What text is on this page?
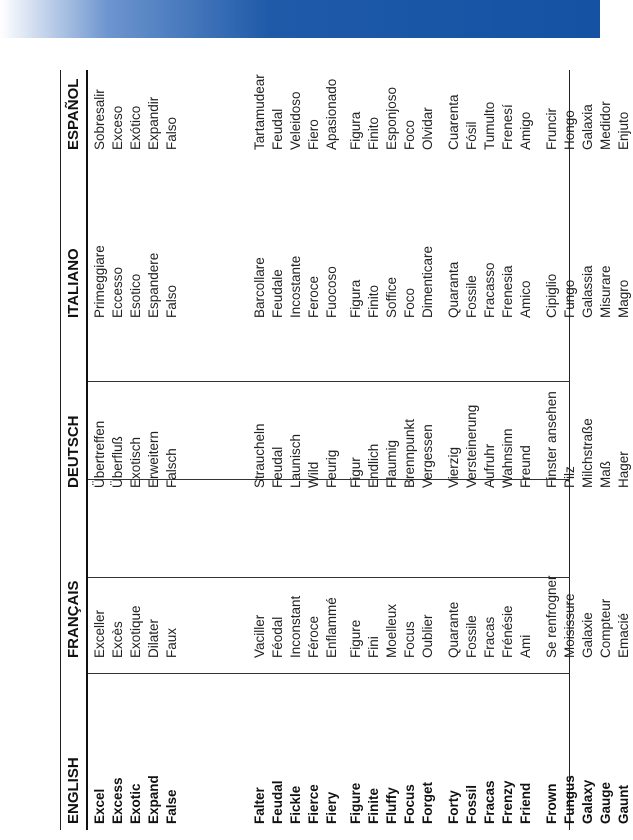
ENGLISH
FRANÇAIS
DEUTSCH
ITALIANO
ESPAÑOL
Excel
Exceller
Übertreffen
Primeggiare
Sobresalir
Excess
Excès
Überfluß
Eccesso
Exceso
Exotic
Exotique
Exotisch
Esotico
Exótico
Expand
Dilater
Erweitern
Espandere
Expandir
False
Faux
Falsch
Falso
Falso
Falter
Vaciller
Straucheln
Barcollare
Tartamudear
Feudal
Féodal
Feudal
Feudale
Feudal
Fickle
Inconstant
Launisch
Incostante
Veleidoso
Fierce
Féroce
Wild
Feroce
Fiero
Fiery
Enflammé
Feurig
Fuocoso
Apasionado
Figure
Figure
Figur
Figura
Figura
Finite
Fini
Endlich
Finito
Finito
Fluffy
Moelleux
Flaumig
Soffice
Esponjoso
Focus
Focus
Brennpunkt
Foco
Foco
Forget
Oublier
Vergessen
Dimenticare
Olvidar
Forty
Quarante
Vierzig
Quaranta
Cuarenta
Fossil
Fossile
Versteinerung
Fossile
Fósil
Fracas
Fracas
Aufruhr
Fracasso
Tumulto
Frenzy
Frénésie
Wahnsinn
Frenesia
Frenesí
Friend
Ami
Freund
Amico
Amigo
Frown
Se renfrogner
Finster ansehen
Cipiglio
Fruncir
Fungus
Moisissure
Pilz
Fungo
Hongo
Galaxy
Galaxie
Milchstraße
Galassia
Galaxia
Gauge
Compteur
Maß
Misurare
Medidor
Gaunt
Emacié
Hager
Magro
Enjuto
